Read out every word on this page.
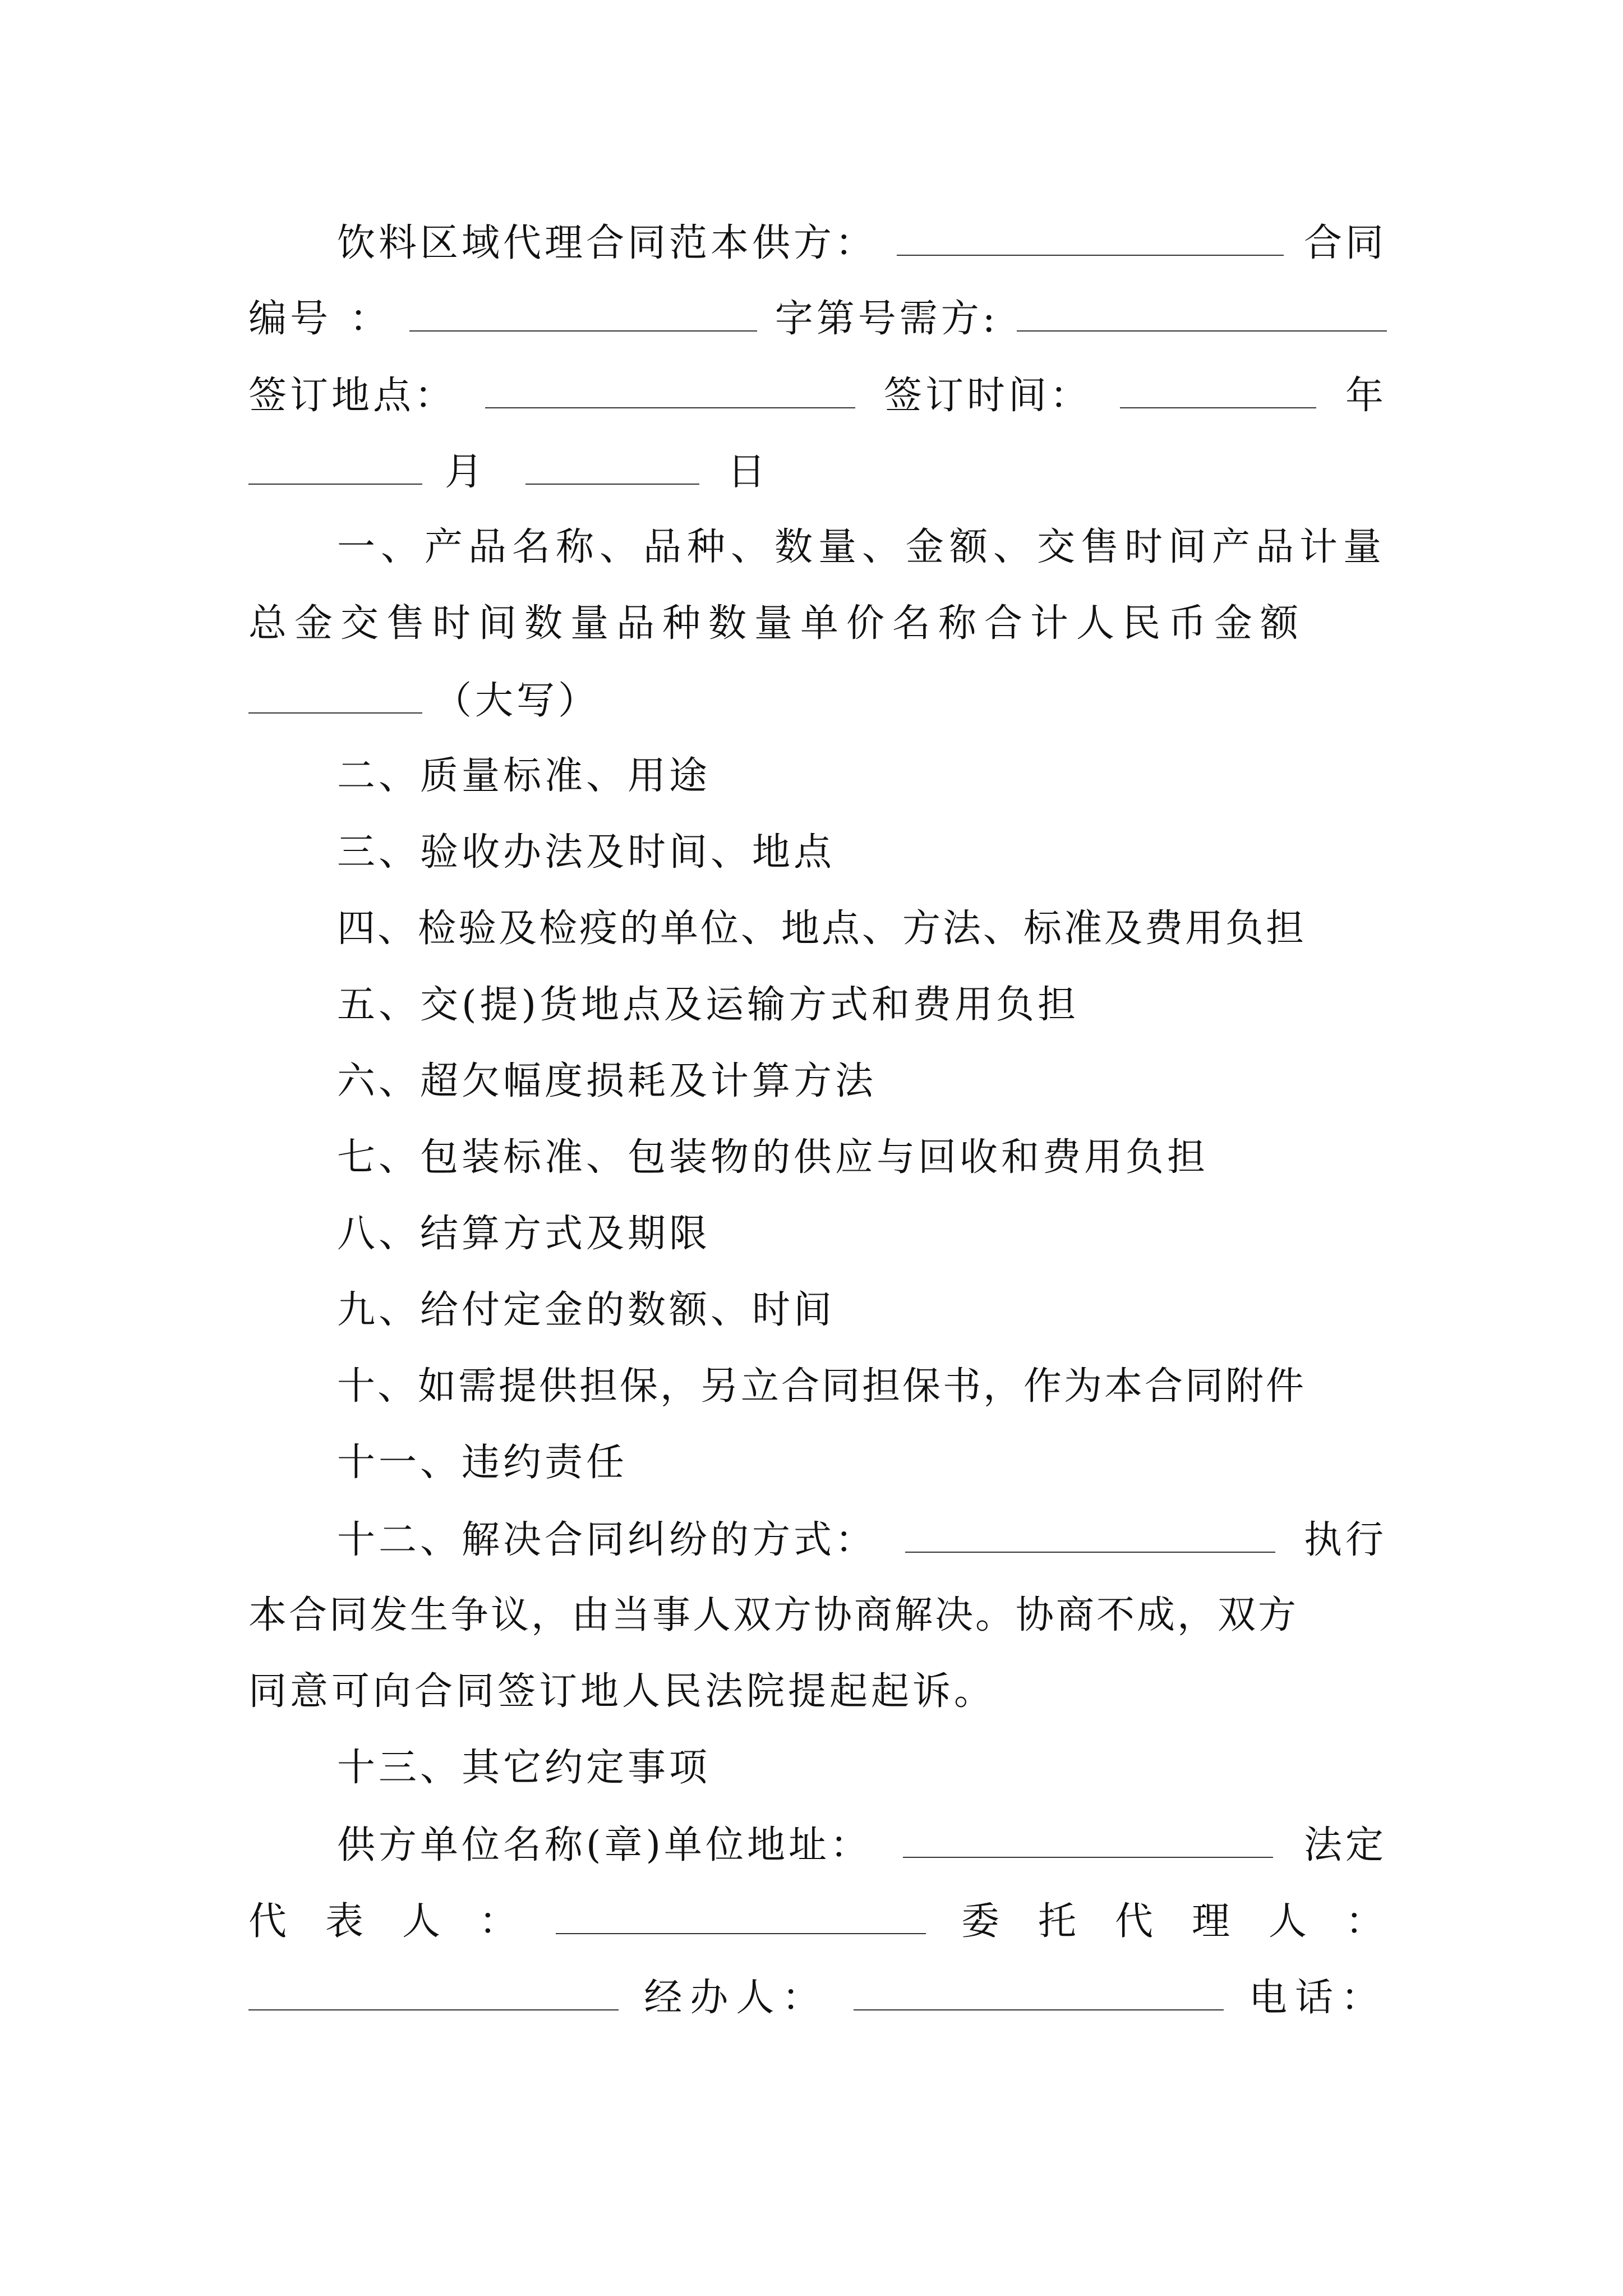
饮料区域代理合同范本供方：	合同
编号 ：	字第号需方:
签订地点：	签订时间：	年
月	日
一、产品名称、品种、数量、金额、交售时间产品计量
总金交售时间数量品种数量单价名称合计人民币金额
（大写）
二、质量标准、用途
三、验收办法及时间、地点
四、检验及检疫的单位、地点、方法、标准及费用负担
五、交(提)货地点及运输方式和费用负担
六、超欠幅度损耗及计算方法
七、包装标准、包装物的供应与回收和费用负担
八、结算方式及期限
九、给付定金的数额、时间
十、如需提供担保，另立合同担保书，作为本合同附件
十一、违约责任
十二、解决合同纠纷的方式：	执行
本合同发生争议，由当事人双方协商解决。协商不成，双方
同意可向合同签订地人民法院提起起诉。
十三、其它约定事项
供方单位名称(章)单位地址：	法定
代 表 人 ：	委 托 代 理 人 ：
经办人：	电话：
